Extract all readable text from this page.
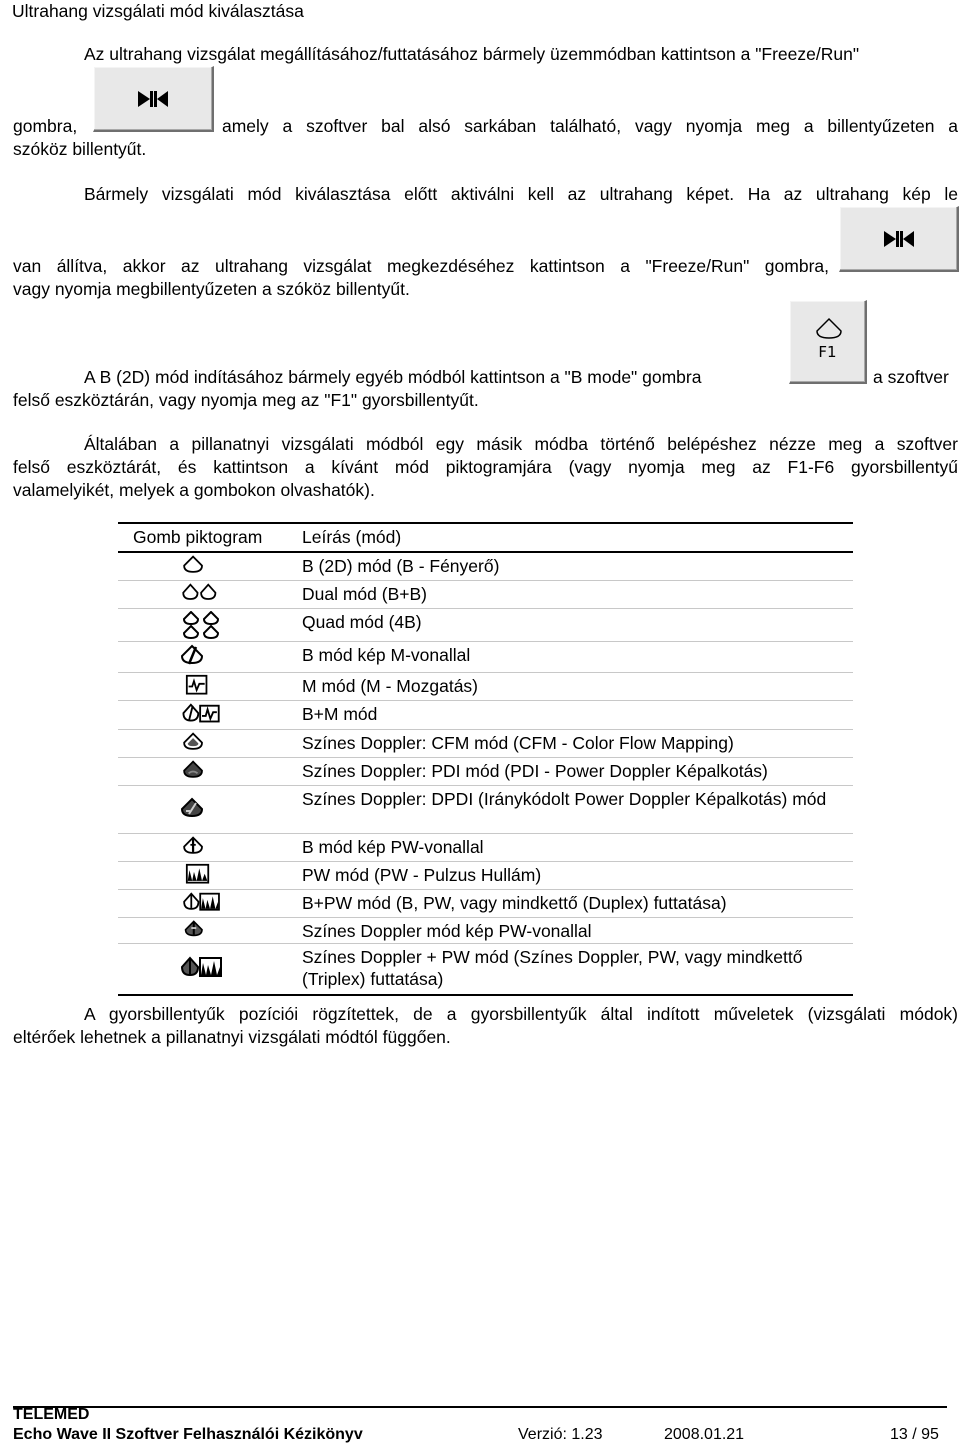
Ultrahang vizsgálati mód kiválasztása
Az ultrahang vizsgálat megállításához/futtatásához bármely üzemmódban kattintson a "Freeze/Run"
gombra,	amely a szoftver bal alsó sarkában található, vagy nyomja meg a billentyűzeten a
szóköz billentyűt.
Bármely vizsgálati mód kiválasztása előtt aktiválni kell az ultrahang képet. Ha az ultrahang kép le
van állítva, akkor az ultrahang vizsgálat megkezdéséhez kattintson a "Freeze/Run" gombra,
vagy nyomja megbillentyűzeten a szóköz billentyűt.
F1
A B (2D) mód indításához bármely egyéb módból kattintson a "B mode" gombra	a szoftver
felső eszköztárán, vagy nyomja meg az "F1" gyorsbillentyűt.
Általában a pillanatnyi vizsgálati módból egy másik módba történő belépéshez nézze meg a szoftver
felső eszköztárát, és kattintson a kívánt mód piktogramjára (vagy nyomja meg az F1-F6 gyorsbillentyű
valamelyikét, melyek a gombokon olvashatók).
Gomb piktogram Leírás (mód)
B (2D) mód (B - Fényerő)
Dual mód (B+B)
Quad mód (4B)
B mód kép M-vonallal
M mód (M - Mozgatás)
B+M mód
Színes Doppler: CFM mód (CFM - Color Flow Mapping)
Színes Doppler: PDI mód (PDI - Power Doppler Képalkotás)
Színes Doppler: DPDI (Iránykódolt Power Doppler Képalkotás) mód
B mód kép PW-vonallal
PW mód (PW - Pulzus Hullám)
B+PW mód (B, PW, vagy mindkettő (Duplex) futtatása)
Színes Doppler mód kép PW-vonallal
Színes Doppler + PW mód (Színes Doppler, PW, vagy mindkettő (Triplex) futtatása)
A gyorsbillentyűk pozíciói rögzítettek, de a gyorsbillentyűk által indított műveletek (vizsgálati módok)
eltérőek lehetnek a pillanatnyi vizsgálati módtól függően.
TELEMED
Echo Wave II Szoftver Felhasználói Kézikönyv	Verzió: 1.23	2008.01.21	13 / 95
